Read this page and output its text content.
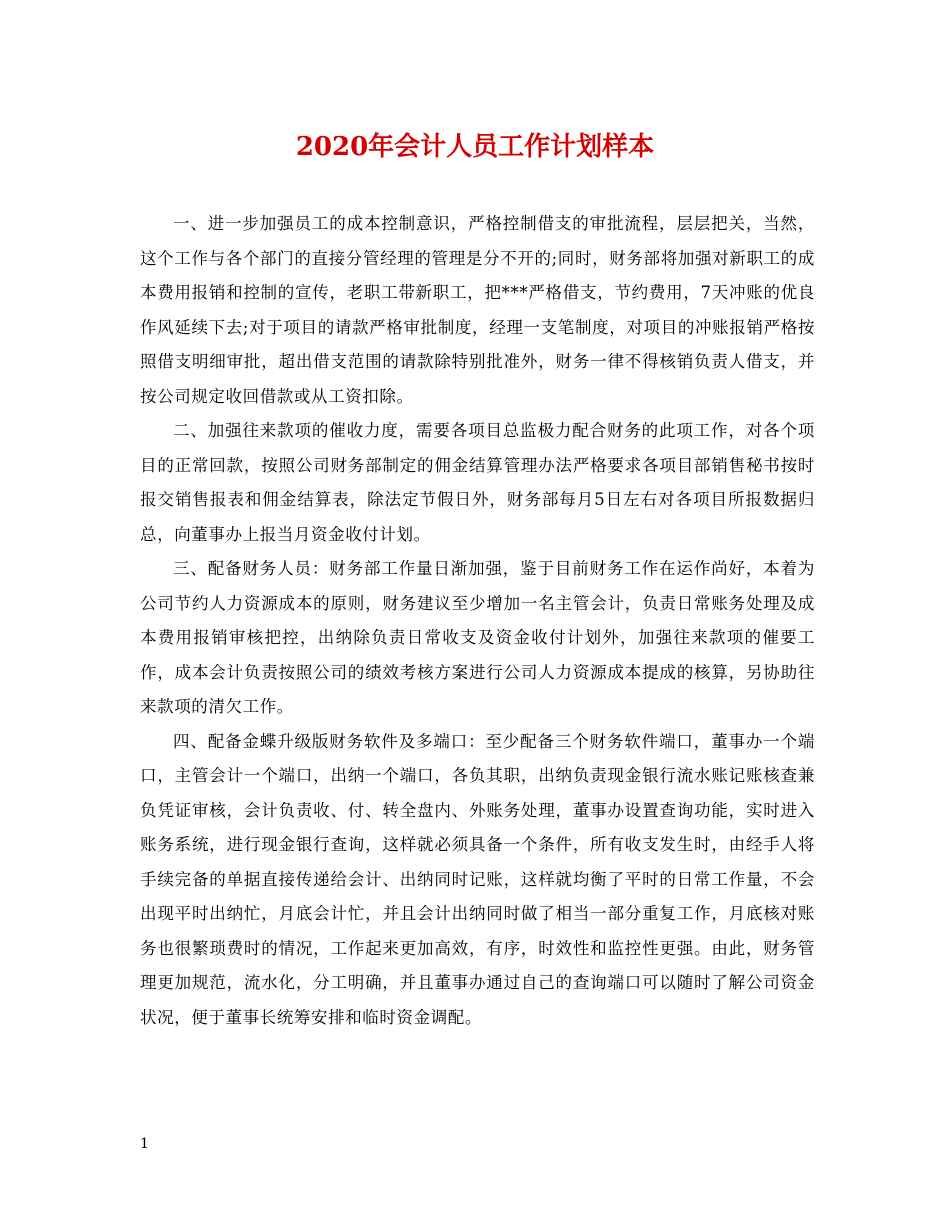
2020年会计人员工作计划样本

一、进一步加强员工的成本控制意识，严格控制借支的审批流程，层层把关，当然，这个工作与各个部门的直接分管经理的管理是分不开的;同时，财务部将加强对新职工的成本费用报销和控制的宣传，老职工带新职工，把***严格借支，节约费用，7天冲账的优良作风延续下去;对于项目的请款严格审批制度，经理一支笔制度，对项目的冲账报销严格按照借支明细审批，超出借支范围的请款除特别批准外，财务一律不得核销负责人借支，并按公司规定收回借款或从工资扣除。

二、加强往来款项的催收力度，需要各项目总监极力配合财务的此项工作，对各个项目的正常回款，按照公司财务部制定的佣金结算管理办法严格要求各项目部销售秘书按时报交销售报表和佣金结算表，除法定节假日外，财务部每月5日左右对各项目所报数据归总，向董事办上报当月资金收付计划。

三、配备财务人员：财务部工作量日渐加强，鉴于目前财务工作在运作尚好，本着为公司节约人力资源成本的原则，财务建议至少增加一名主管会计，负责日常账务处理及成本费用报销审核把控，出纳除负责日常收支及资金收付计划外，加强往来款项的催要工作，成本会计负责按照公司的绩效考核方案进行公司人力资源成本提成的核算，另协助往来款项的清欠工作。

四、配备金蝶升级版财务软件及多端口：至少配备三个财务软件端口，董事办一个端口，主管会计一个端口，出纳一个端口，各负其职，出纳负责现金银行流水账记账核查兼负凭证审核，会计负责收、付、转全盘内、外账务处理，董事办设置查询功能，实时进入账务系统，进行现金银行查询，这样就必须具备一个条件，所有收支发生时，由经手人将手续完备的单据直接传递给会计、出纳同时记账，这样就均衡了平时的日常工作量，不会出现平时出纳忙，月底会计忙，并且会计出纳同时做了相当一部分重复工作，月底核对账务也很繁琐费时的情况，工作起来更加高效，有序，时效性和监控性更强。由此，财务管理更加规范，流水化，分工明确，并且董事办通过自己的查询端口可以随时了解公司资金状况，便于董事长统筹安排和临时资金调配。

1
